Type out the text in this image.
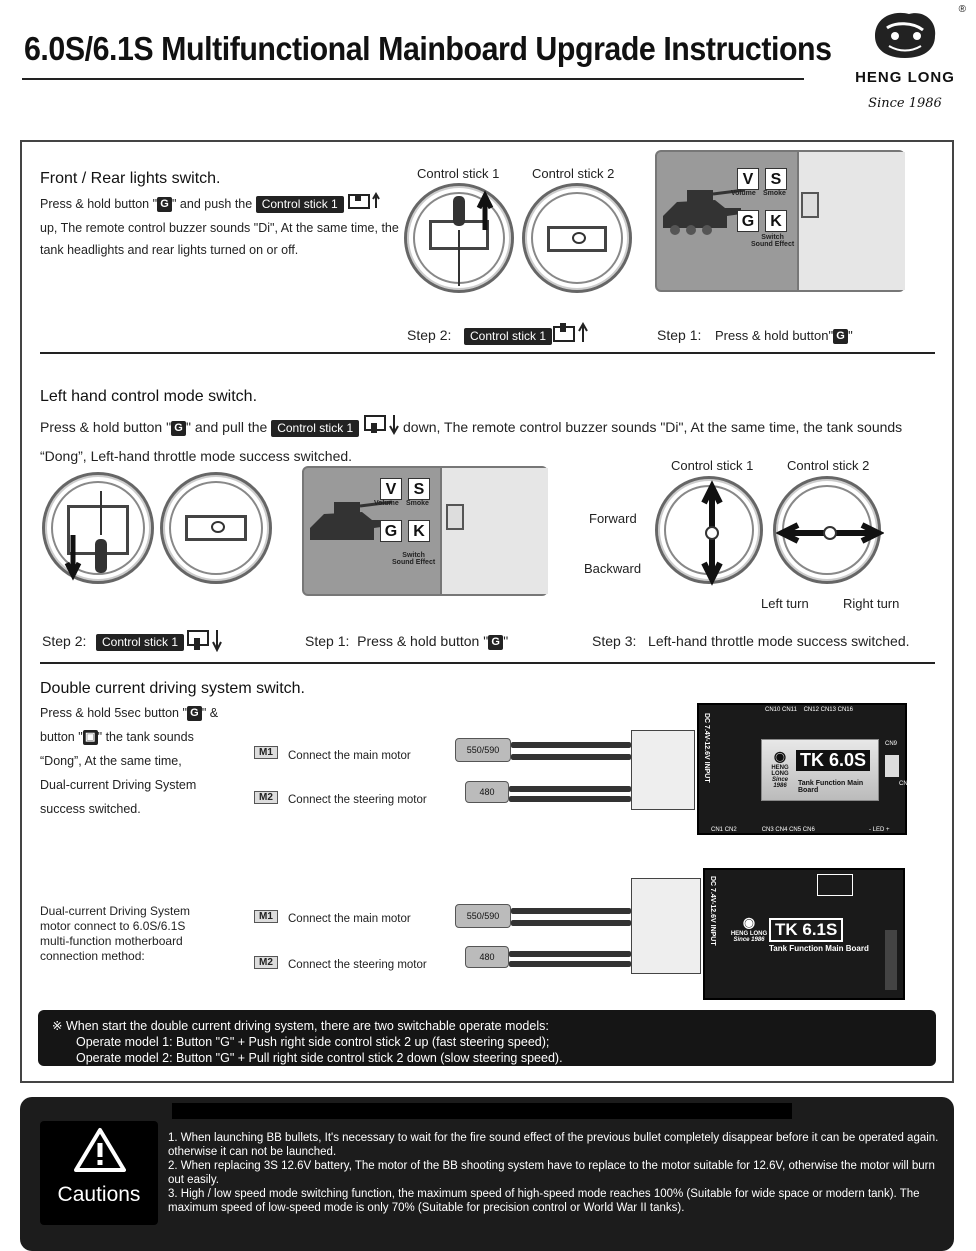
6.0S/6.1S Multifunctional Mainboard Upgrade Instructions
®
HENG LONG
Since 1986
Front / Rear lights switch.
Press & hold button " G " and push the Control stick 1  up, The remote control buzzer sounds "Di", At the same time, the tank headlights and rear lights turned on or off.
Control stick 1	Control stick 2	V	S
Volume Smoke
G	K
Switch
Sound Effect
Step 2:	Control stick 1	Step 1: Press & hold button" G "
Left hand control mode switch.
Press & hold button " G " and pull the Control stick 1	down, The remote control buzzer sounds "Di", At the same time, the tank sounds
“Dong”, Left-hand throttle mode success switched.
V	S
Volume Smoke
G	K
Switch
Sound Effect
Control stick 1	Control stick 2
Forward
Backward
Left turn	Right turn
Step 2:	Control stick 1	Step 1: Press & hold button " G "	Step 3: Left-hand throttle mode success switched.
Double current driving system switch.
Press & hold 5sec button " G " &
button " ▣ " the tank sounds
“Dong”, At the same time,
Dual-current Driving System
success switched.
Dual-current Driving System
motor connect to 6.0S/6.1S
multi-function motherboard
connection method:
M1	Connect the main motor
M2	Connect the steering motor
550/590
480
DC 7.4V-12.6V INPUT
CN10 CN11 CN12 CN13 CN16
◉
HENG LONG
Since 1986
TK 6.0S
Tank Function Main Board
CN9
CN7
CN1 CN2	CN3 CN4 CN5 CN6	- LED +
M1	Connect the main motor
M2	Connect the steering motor
550/590
480
DC 7.4V-12.6V INPUT	◉
HENG LONG
Since 1986
TK 6.1S
Tank Function Main Board
※ When start the double current driving system, there are two switchable operate models:
Operate model 1: Button "G" + Push right side control stick 2 up (fast steering speed);
Operate model 2: Button "G" + Pull right side control stick 2 down (slow steering speed).
Cautions
1. When launching BB bullets, It's necessary to wait for the fire sound effect of the previous bullet completely disappear before it can be operated again. otherwise it can not be launched.
2. When replacing 3S 12.6V battery, The motor of the BB shooting system have to replace to the motor suitable for 12.6V, otherwise the motor will burn out easily.
3. High / low speed mode switching function, the maximum speed of high-speed mode reaches 100% (Suitable for wide space or modern tank). The maximum speed of low-speed mode is only 70% (Suitable for precision control or World War II tanks).
